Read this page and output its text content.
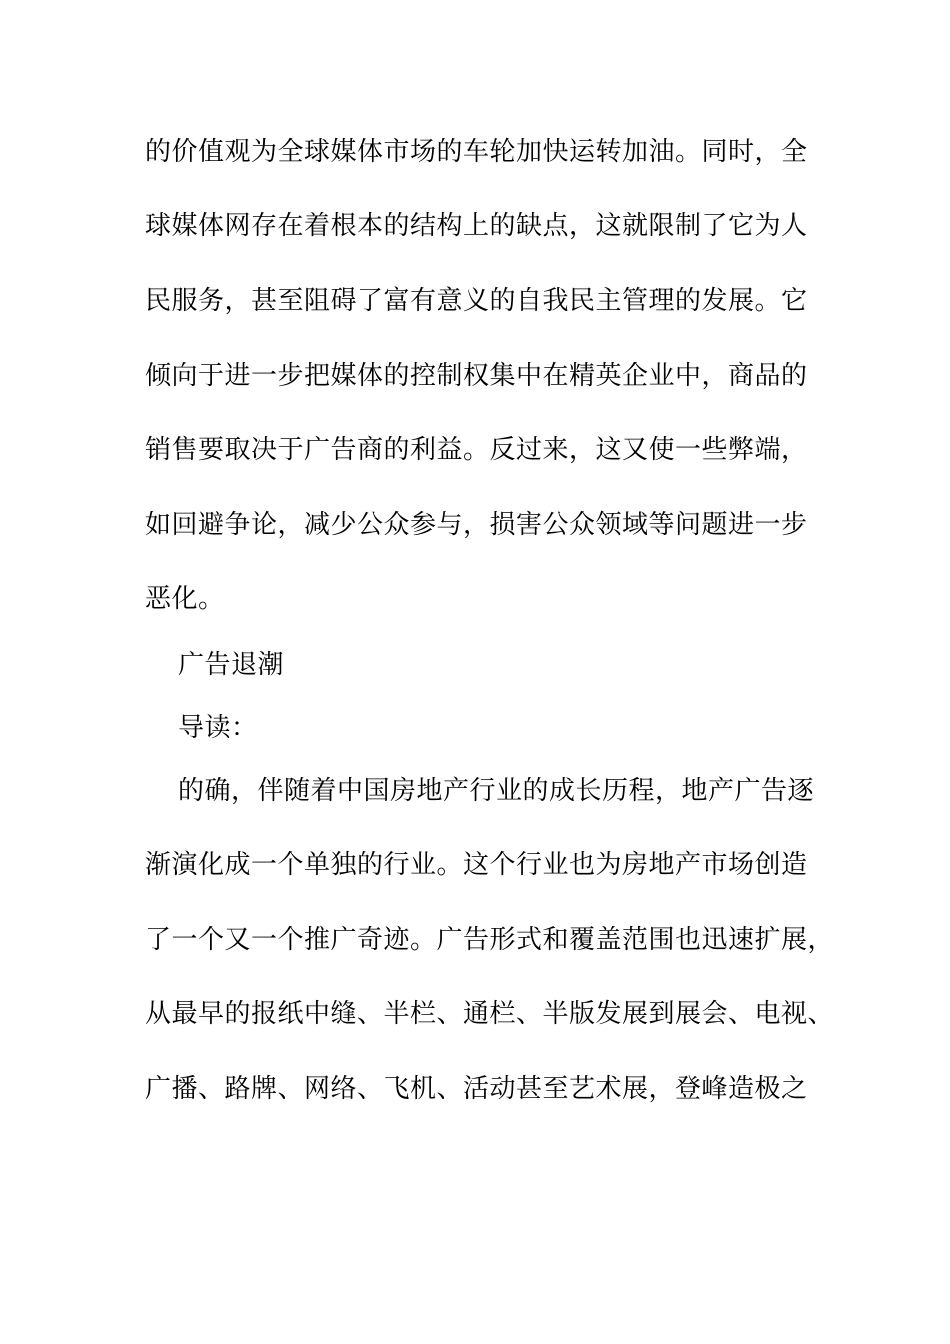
的价值观为全球媒体市场的车轮加快运转加油。同时，全
球媒体网存在着根本的结构上的缺点，这就限制了它为人
民服务，甚至阻碍了富有意义的自我民主管理的发展。它
倾向于进一步把媒体的控制权集中在精英企业中，商品的
销售要取决于广告商的利益。反过来，这又使一些弊端，
如回避争论，减少公众参与，损害公众领域等问题进一步
恶化。
广告退潮
导读：
的确，伴随着中国房地产行业的成长历程，地产广告逐
渐演化成一个单独的行业。这个行业也为房地产市场创造
了一个又一个推广奇迹。广告形式和覆盖范围也迅速扩展，
从最早的报纸中缝、半栏、通栏、半版发展到展会、电视、
广播、路牌、网络、飞机、活动甚至艺术展，登峰造极之
